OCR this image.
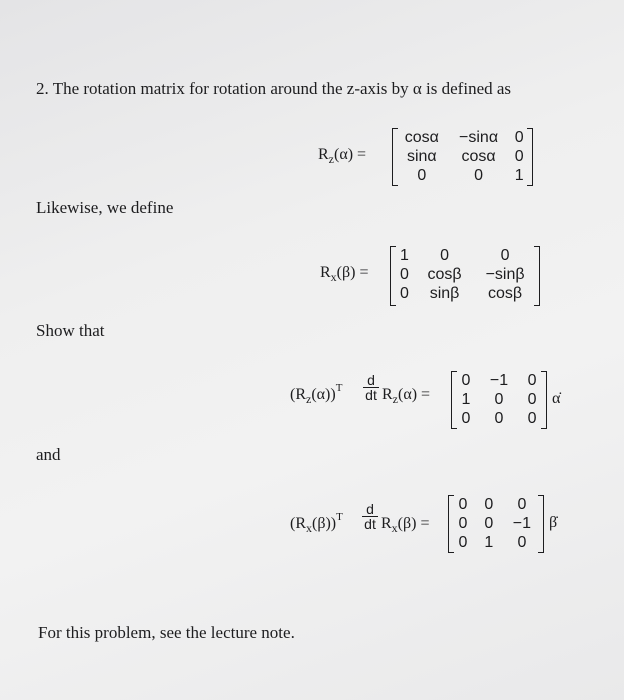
2. The rotation matrix for rotation around the z-axis by α is defined as
$R_z(\alpha)$ =
cosα	−sinα	0
sinα	cosα	0
0	0	1
Likewise, we define
$R_x(\beta)$ =
1	0	0
0	cosβ	−sinβ
0	sinβ	cosβ
Show that
$(R_z(\alpha))^T \frac{d}{dt} R_z(\alpha)$ =
0	−1	0
1	0	0
0	0	0
α̇
and
$(R_x(\beta))^T \frac{d}{dt} R_x(\beta)$ =
0	0	0
0	0	−1
0	1	0
β̇
For this problem, see the lecture note.
